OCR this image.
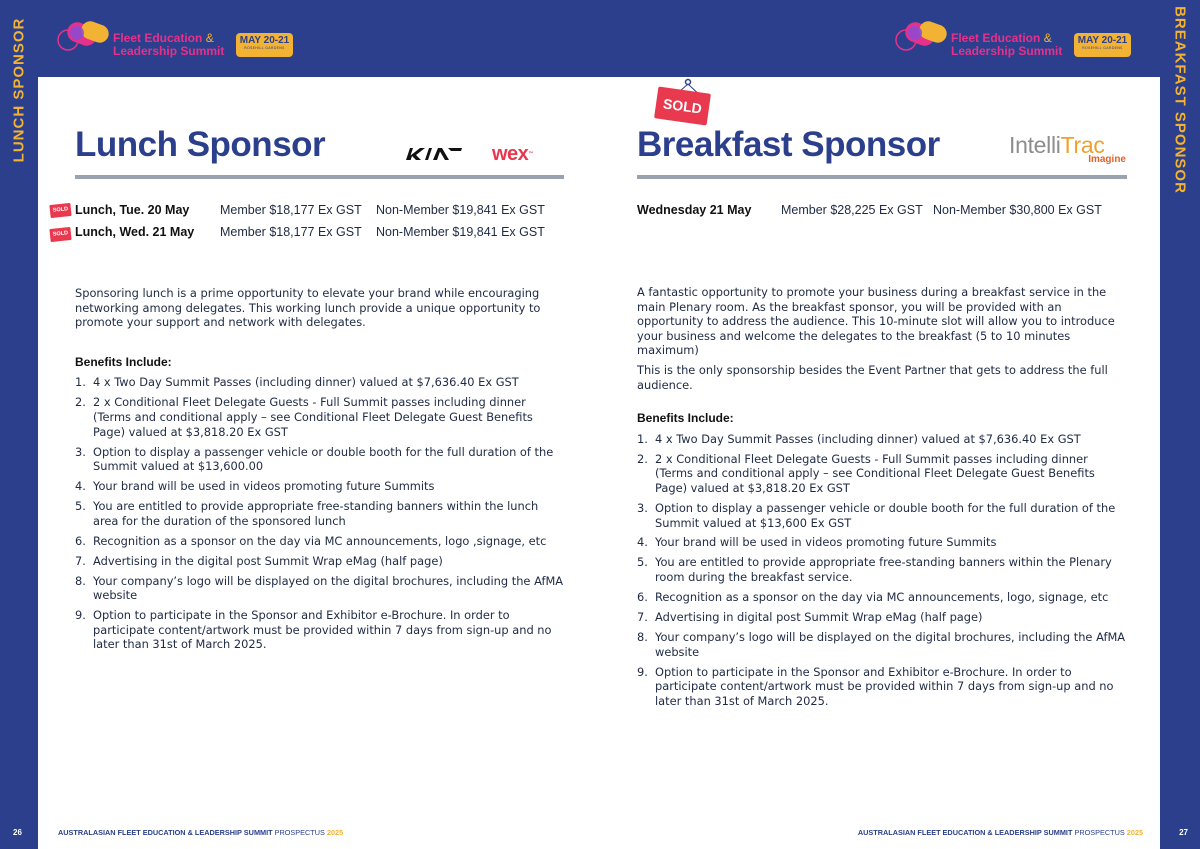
LUNCH SPONSOR
26
BREAKFAST SPONSOR
27
Fleet Education &
Leadership Summit
MAY 20-21
ROSEHILL GARDENS
Fleet Education &
Leadership Summit
MAY 20-21
ROSEHILL GARDENS
Lunch Sponsor	wex™
SOLD
SOLD
Lunch, Tue. 20 May Member $18,177 Ex GST Non-Member $19,841 Ex GST
Lunch, Wed. 21 May Member $18,177 Ex GST Non-Member $19,841 Ex GST

Sponsoring lunch is a prime opportunity to elevate your brand while encouraging networking among delegates. This working lunch provide a unique opportunity to promote your support and network with delegates.

Benefits Include:
1. 4 x Two Day Summit Passes (including dinner) valued at $7,636.40 Ex GST
2. 2 x Conditional Fleet Delegate Guests - Full Summit passes including dinner (Terms and conditional apply – see Conditional Fleet Delegate Guest Benefits Page) valued at $3,818.20 Ex GST
3. Option to display a passenger vehicle or double booth for the full duration of the Summit valued at $13,600.00
4. Your brand will be used in videos promoting future Summits
5. You are entitled to provide appropriate free-standing banners within the lunch area for the duration of the sponsored lunch
6. Recognition as a sponsor on the day via MC announcements, logo ,signage, etc
7. Advertising in the digital post Summit Wrap eMag (half page)
8. Your company’s logo will be displayed on the digital brochures, including the AfMA website
9. Option to participate in the Sponsor and Exhibitor e-Brochure. In order to participate content/artwork must be provided within 7 days from sign-up and no later than 31st of March 2025.
AUSTRALASIAN FLEET EDUCATION & LEADERSHIP SUMMIT PROSPECTUS 2025
SOLD
Breakfast Sponsor	IntelliTrac
Imagine
Wednesday 21 May Member $28,225 Ex GST Non-Member $30,800 Ex GST

A fantastic opportunity to promote your business during a breakfast service in the main Plenary room. As the breakfast sponsor, you will be provided with an opportunity to address the audience. This 10-minute slot will allow you to introduce your business and welcome the delegates to the breakfast (5 to 10 minutes maximum)

This is the only sponsorship besides the Event Partner that gets to address the full audience.

Benefits Include:
1. 4 x Two Day Summit Passes (including dinner) valued at $7,636.40 Ex GST
2. 2 x Conditional Fleet Delegate Guests - Full Summit passes including dinner (Terms and conditional apply – see Conditional Fleet Delegate Guest Benefits Page) valued at $3,818.20 Ex GST
3. Option to display a passenger vehicle or double booth for the full duration of the Summit valued at $13,600 Ex GST
4. Your brand will be used in videos promoting future Summits
5. You are entitled to provide appropriate free-standing banners within the Plenary room during the breakfast service.
6. Recognition as a sponsor on the day via MC announcements, logo, signage, etc
7. Advertising in digital post Summit Wrap eMag (half page)
8. Your company’s logo will be displayed on the digital brochures, including the AfMA website
9. Option to participate in the Sponsor and Exhibitor e-Brochure. In order to participate content/artwork must be provided within 7 days from sign-up and no later than 31st of March 2025.
AUSTRALASIAN FLEET EDUCATION & LEADERSHIP SUMMIT PROSPECTUS 2025
